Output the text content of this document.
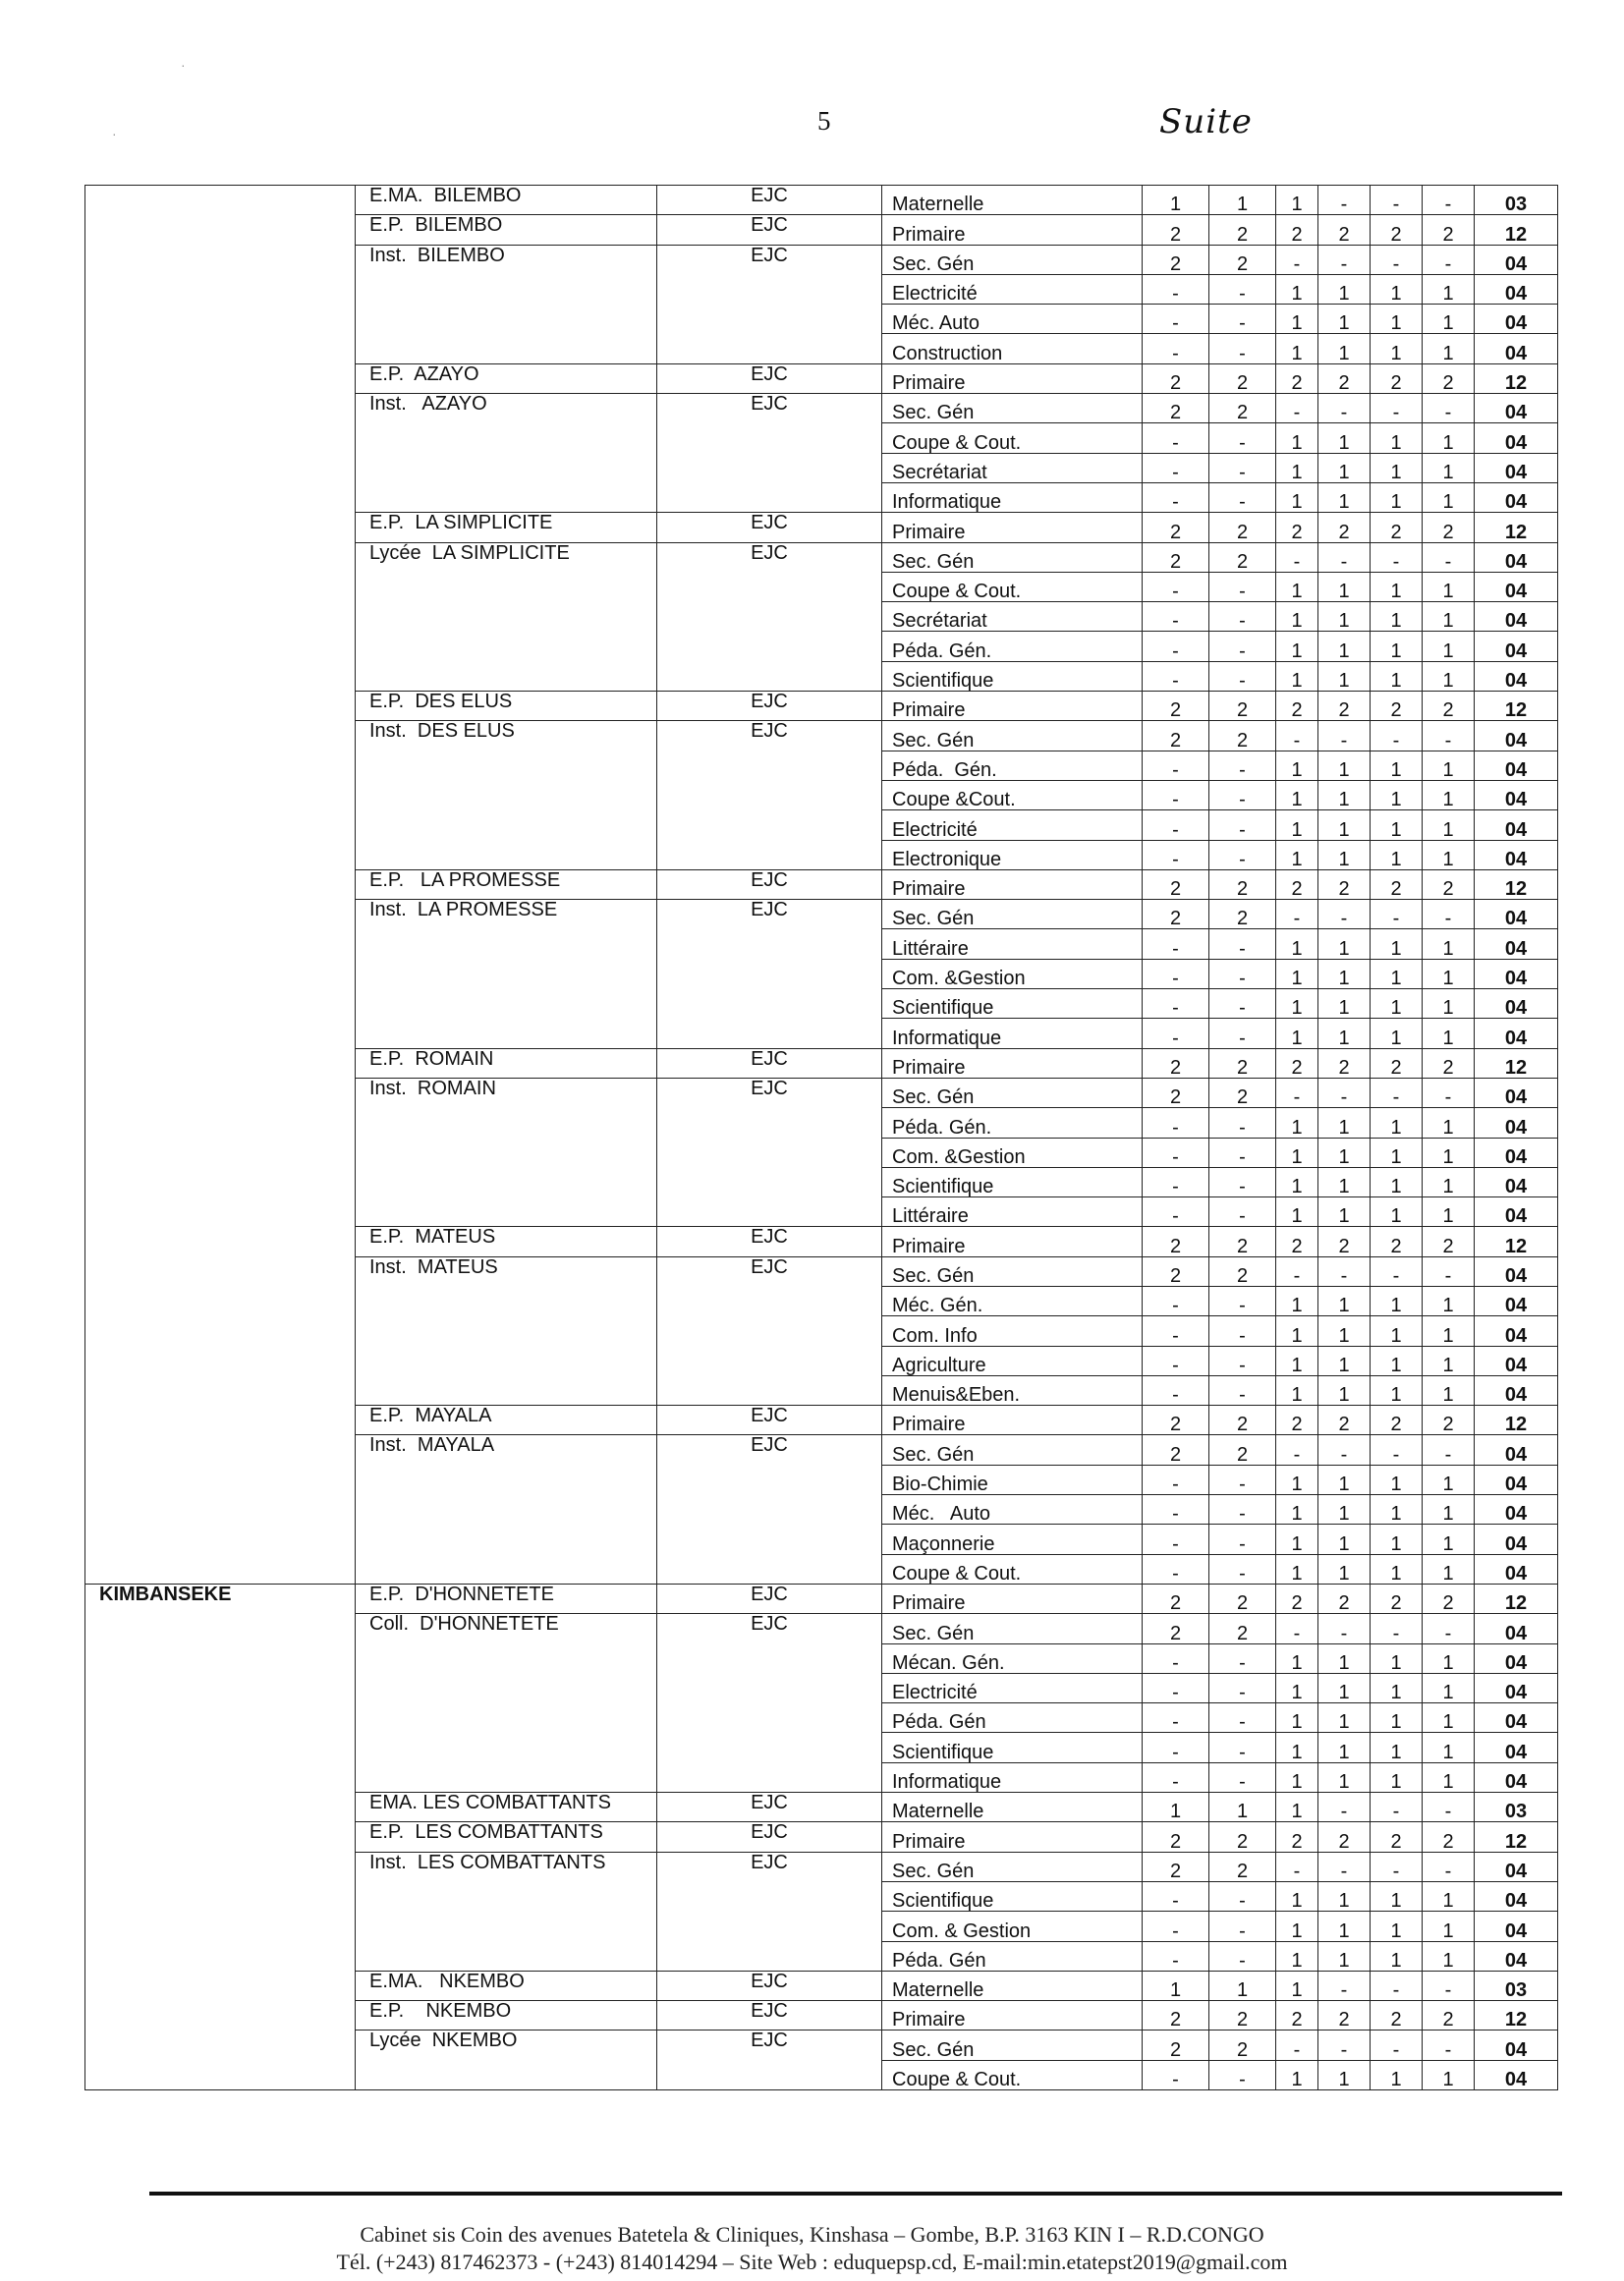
·
·	5	Suite
	E.MA.  BILEMBO	EJC	Maternelle	1	1	1	-	-	-	03
	E.P.  BILEMBO	EJC	Primaire	2	2	2	2	2	2	12
	Inst.  BILEMBO	EJC	Sec. Gén	2	2	-	-	-	-	04
			Electricité	-	-	1	1	1	1	04
			Méc. Auto	-	-	1	1	1	1	04
			Construction	-	-	1	1	1	1	04
	E.P.  AZAYO	EJC	Primaire	2	2	2	2	2	2	12
	Inst.   AZAYO	EJC	Sec. Gén	2	2	-	-	-	-	04
			Coupe & Cout.	-	-	1	1	1	1	04
			Secrétariat	-	-	1	1	1	1	04
			Informatique	-	-	1	1	1	1	04
	E.P.  LA SIMPLICITE	EJC	Primaire	2	2	2	2	2	2	12
	Lycée  LA SIMPLICITE	EJC	Sec. Gén	2	2	-	-	-	-	04
			Coupe & Cout.	-	-	1	1	1	1	04
			Secrétariat	-	-	1	1	1	1	04
			Péda. Gén.	-	-	1	1	1	1	04
			Scientifique	-	-	1	1	1	1	04
	E.P.  DES ELUS	EJC	Primaire	2	2	2	2	2	2	12
	Inst.  DES ELUS	EJC	Sec. Gén	2	2	-	-	-	-	04
			Péda.  Gén.	-	-	1	1	1	1	04
			Coupe &Cout.	-	-	1	1	1	1	04
			Electricité	-	-	1	1	1	1	04
			Electronique	-	-	1	1	1	1	04
	E.P.   LA PROMESSE	EJC	Primaire	2	2	2	2	2	2	12
	Inst.  LA PROMESSE	EJC	Sec. Gén	2	2	-	-	-	-	04
			Littéraire	-	-	1	1	1	1	04
			Com. &Gestion	-	-	1	1	1	1	04
			Scientifique	-	-	1	1	1	1	04
			Informatique	-	-	1	1	1	1	04
	E.P.  ROMAIN	EJC	Primaire	2	2	2	2	2	2	12
	Inst.  ROMAIN	EJC	Sec. Gén	2	2	-	-	-	-	04
			Péda. Gén.	-	-	1	1	1	1	04
			Com. &Gestion	-	-	1	1	1	1	04
			Scientifique	-	-	1	1	1	1	04
			Littéraire	-	-	1	1	1	1	04
	E.P.  MATEUS	EJC	Primaire	2	2	2	2	2	2	12
	Inst.  MATEUS	EJC	Sec. Gén	2	2	-	-	-	-	04
			Méc. Gén.	-	-	1	1	1	1	04
			Com. Info	-	-	1	1	1	1	04
			Agriculture	-	-	1	1	1	1	04
			Menuis&Eben.	-	-	1	1	1	1	04
	E.P.  MAYALA	EJC	Primaire	2	2	2	2	2	2	12
	Inst.  MAYALA	EJC	Sec. Gén	2	2	-	-	-	-	04
			Bio-Chimie	-	-	1	1	1	1	04
			Méc.   Auto	-	-	1	1	1	1	04
			Maçonnerie	-	-	1	1	1	1	04
			Coupe & Cout.	-	-	1	1	1	1	04
KIMBANSEKE	E.P.  D'HONNETETE	EJC	Primaire	2	2	2	2	2	2	12
	Coll.  D'HONNETETE	EJC	Sec. Gén	2	2	-	-	-	-	04
			Mécan. Gén.	-	-	1	1	1	1	04
			Electricité	-	-	1	1	1	1	04
			Péda. Gén	-	-	1	1	1	1	04
			Scientifique	-	-	1	1	1	1	04
			Informatique	-	-	1	1	1	1	04
	EMA. LES COMBATTANTS	EJC	Maternelle	1	1	1	-	-	-	03
	E.P.  LES COMBATTANTS	EJC	Primaire	2	2	2	2	2	2	12
	Inst.  LES COMBATTANTS	EJC	Sec. Gén	2	2	-	-	-	-	04
			Scientifique	-	-	1	1	1	1	04
			Com. & Gestion	-	-	1	1	1	1	04
			Péda. Gén	-	-	1	1	1	1	04
	E.MA.   NKEMBO	EJC	Maternelle	1	1	1	-	-	-	03
	E.P.    NKEMBO	EJC	Primaire	2	2	2	2	2	2	12
	Lycée  NKEMBO	EJC	Sec. Gén	2	2	-	-	-	-	04
			Coupe & Cout.	-	-	1	1	1	1	04
Cabinet sis Coin des avenues Batetela & Cliniques, Kinshasa – Gombe, B.P. 3163 KIN I – R.D.CONGO
Tél. (+243) 817462373 - (+243) 814014294 – Site Web : eduquepsp.cd, E-mail:min.etatepst2019@gmail.com
